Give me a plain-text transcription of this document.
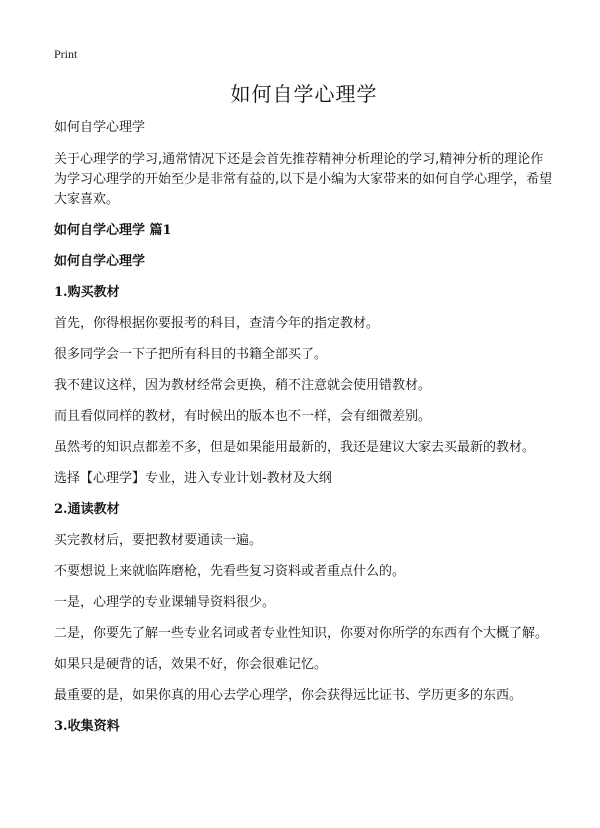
Print
如何自学心理学
如何自学心理学
关于心理学的学习,通常情况下还是会首先推荐精神分析理论的学习,精神分析的理论作为学习心理学的开始至少是非常有益的,以下是小编为大家带来的如何自学心理学，希望大家喜欢。
如何自学心理学 篇1
如何自学心理学
1.购买教材
首先，你得根据你要报考的科目，查清今年的指定教材。
很多同学会一下子把所有科目的书籍全部买了。
我不建议这样，因为教材经常会更换，稍不注意就会使用错教材。
而且看似同样的教材，有时候出的版本也不一样，会有细微差别。
虽然考的知识点都差不多，但是如果能用最新的，我还是建议大家去买最新的教材。
选择【心理学】专业，进入专业计划-教材及大纲
2.通读教材
买完教材后，要把教材要通读一遍。
不要想说上来就临阵磨枪，先看些复习资料或者重点什么的。
一是，心理学的专业课辅导资料很少。
二是，你要先了解一些专业名词或者专业性知识，你要对你所学的东西有个大概了解。
如果只是硬背的话，效果不好，你会很难记忆。
最重要的是，如果你真的用心去学心理学，你会获得远比证书、学历更多的东西。
3.收集资料
